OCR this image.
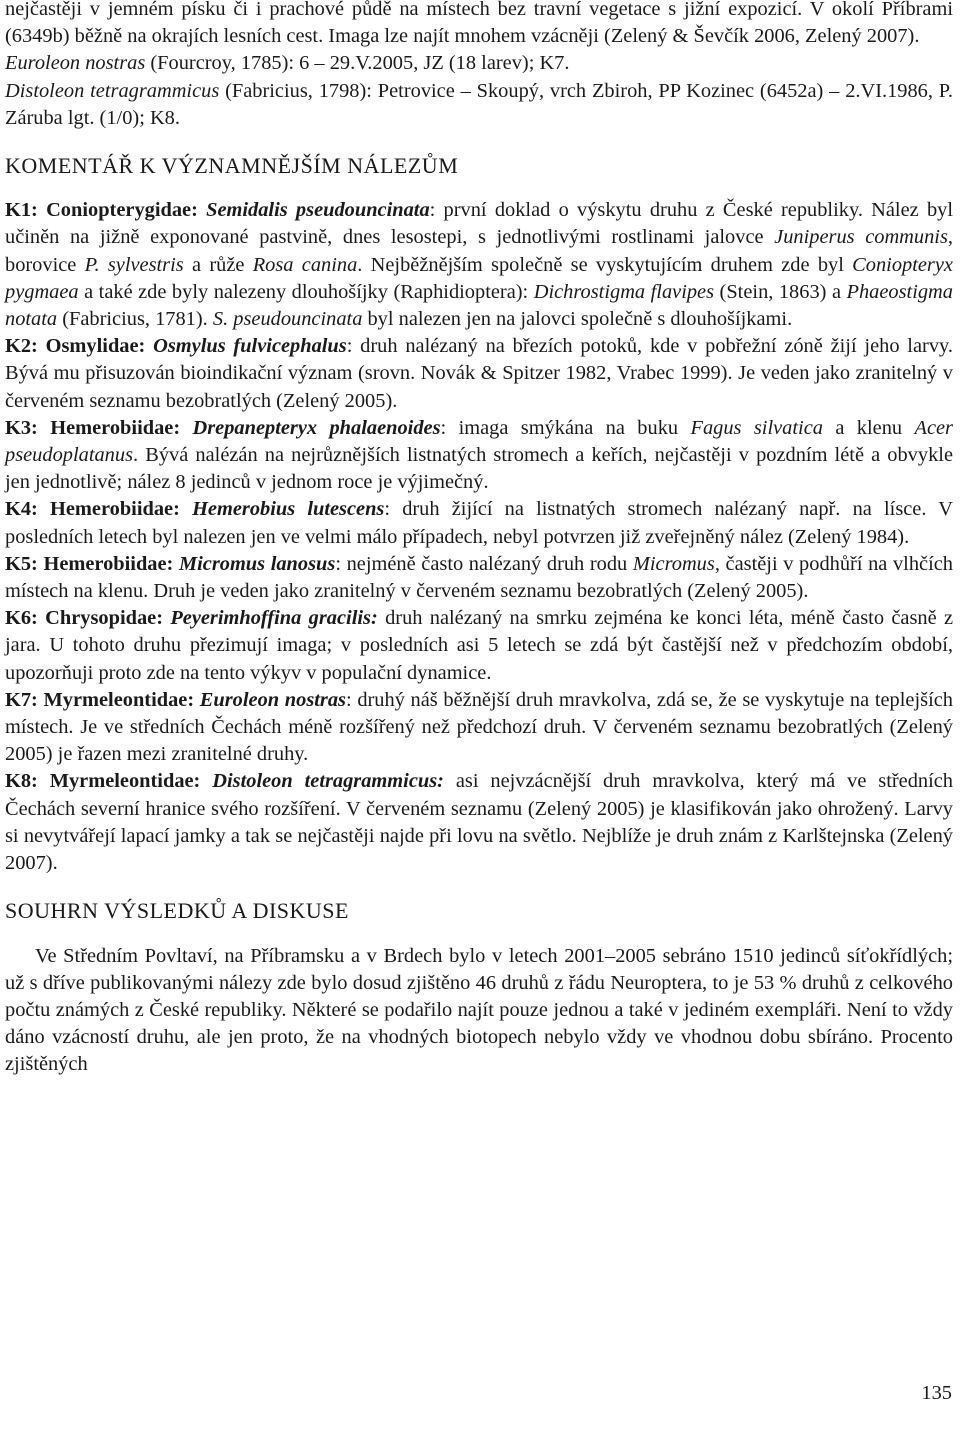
nejčastěji v jemném písku či i prachové půdě na místech bez travní vegetace s jižní expozicí. V okolí Příbrami (6349b) běžně na okrajích lesních cest. Imaga lze najít mnohem vzácněji (Zelený & Ševčík 2006, Zelený 2007).

Euroleon nostras (Fourcroy, 1785): 6 – 29.V.2005, JZ (18 larev); K7.

Distoleon tetragrammicus (Fabricius, 1798): Petrovice – Skoupý, vrch Zbiroh, PP Kozinec (6452a) – 2.VI.1986, P. Záruba lgt. (1/0); K8.

KOMENTÁŘ K VÝZNAMNĚJŠÍM NÁLEZŮM

K1: Coniopterygidae: Semidalis pseudouncinata: první doklad o výskytu druhu z České republiky. Nález byl učiněn na jižně exponované pastvině, dnes lesostepi, s jednotlivými rostlinami jalovce Juniperus communis, borovice P. sylvestris a růže Rosa canina. Nejběžnějším společně se vyskytujícím druhem zde byl Coniopteryx pygmaea a také zde byly nalezeny dlouhošíjky (Raphidioptera): Dichrostigma flavipes (Stein, 1863) a Phaeostigma notata (Fabricius, 1781). S. pseudouncinata byl nalezen jen na jalovci společně s dlouhošíjkami.

K2: Osmylidae: Osmylus fulvicephalus: druh nalézaný na březích potoků, kde v pobřežní zóně žijí jeho larvy. Bývá mu přisuzován bioindikační význam (srovn. Novák & Spitzer 1982, Vrabec 1999). Je veden jako zranitelný v červeném seznamu bezobratlých (Zelený 2005).

K3: Hemerobiidae: Drepanepteryx phalaenoides: imaga smýkána na buku Fagus silvatica a klenu Acer pseudoplatanus. Bývá nalézán na nejrůznějších listnatých stromech a keřích, nejčastěji v pozdním létě a obvykle jen jednotlivě; nález 8 jedinců v jednom roce je výjimečný.

K4: Hemerobiidae: Hemerobius lutescens: druh žijící na listnatých stromech nalézaný např. na lísce. V posledních letech byl nalezen jen ve velmi málo případech, nebyl potvrzen již zveřejněný nález (Zelený 1984).

K5: Hemerobiidae: Micromus lanosus: nejméně často nalézaný druh rodu Micromus, častěji v podhůří na vlhčích místech na klenu. Druh je veden jako zranitelný v červeném seznamu bezobratlých (Zelený 2005).

K6: Chrysopidae: Peyerimhoffina gracilis: druh nalézaný na smrku zejména ke konci léta, méně často časně z jara. U tohoto druhu přezimují imaga; v posledních asi 5 letech se zdá být častější než v předchozím období, upozorňuji proto zde na tento výkyv v populační dynamice.

K7: Myrmeleontidae: Euroleon nostras: druhý náš běžnější druh mravkolva, zdá se, že se vyskytuje na teplejších místech. Je ve středních Čechách méně rozšířený než předchozí druh. V červeném seznamu bezobratlých (Zelený 2005) je řazen mezi zranitelné druhy.

K8: Myrmeleontidae: Distoleon tetragrammicus: asi nejvzácnější druh mravkolva, který má ve středních Čechách severní hranice svého rozšíření. V červeném seznamu (Zelený 2005) je klasifikován jako ohrožený. Larvy si nevytvářejí lapací jamky a tak se nejčastěji najde při lovu na světlo. Nejblíže je druh znám z Karlštejnska (Zelený 2007).

SOUHRN VÝSLEDKŮ A DISKUSE

Ve Středním Povltaví, na Příbramsku a v Brdech bylo v letech 2001–2005 sebráno 1510 jedinců síťokřídlých; už s dříve publikovanými nálezy zde bylo dosud zjištěno 46 druhů z řádu Neuroptera, to je 53 % druhů z celkového počtu známých z České republiky. Některé se podařilo najít pouze jednou a také v jediném exempláři. Není to vždy dáno vzácností druhu, ale jen proto, že na vhodných biotopech nebylo vždy ve vhodnou dobu sbíráno. Procento zjištěných

135
